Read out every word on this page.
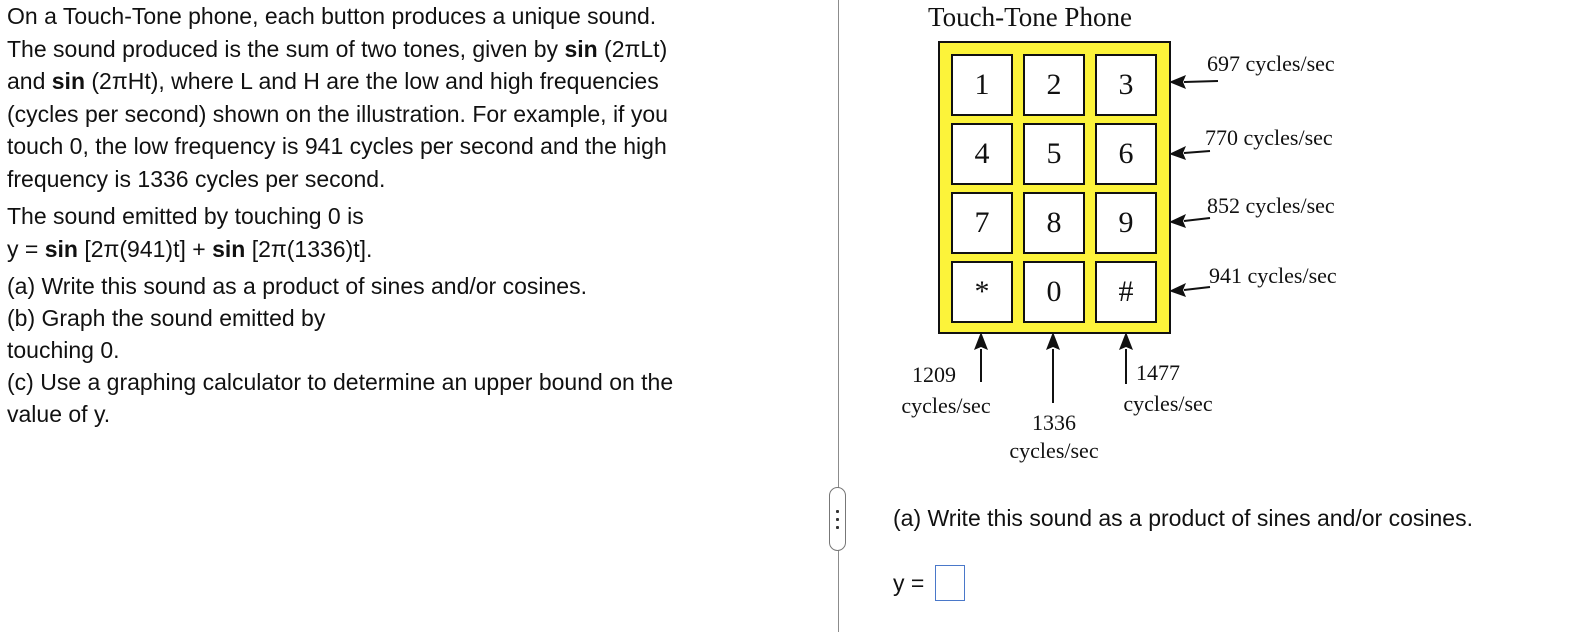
On a Touch-Tone phone, each button produces a unique sound.
The sound produced is the sum of two tones, given by sin (2πLt)
and sin (2πHt), where L and H are the low and high frequencies
(cycles per second) shown on the illustration. For example, if you
touch 0, the low frequency is 941 cycles per second and the high
frequency is 1336 cycles per second.

The sound emitted by touching 0 is
y = sin [2π(941)t] + sin [2π(1336)t].

(a) Write this sound as a product of sines and/or cosines.
(b) Graph the sound emitted by
touching 0.
(c) Use a graphing calculator to determine an upper bound on the
value of y.

Touch-Tone Phone
1	2	3
4	5	6
7	8	9
*	0	#
697 cycles/sec
770 cycles/sec
852 cycles/sec
941 cycles/sec
1209
cycles/sec
1336
cycles/sec
1477
cycles/sec
(a) Write this sound as a product of sines and/or cosines.
y =
